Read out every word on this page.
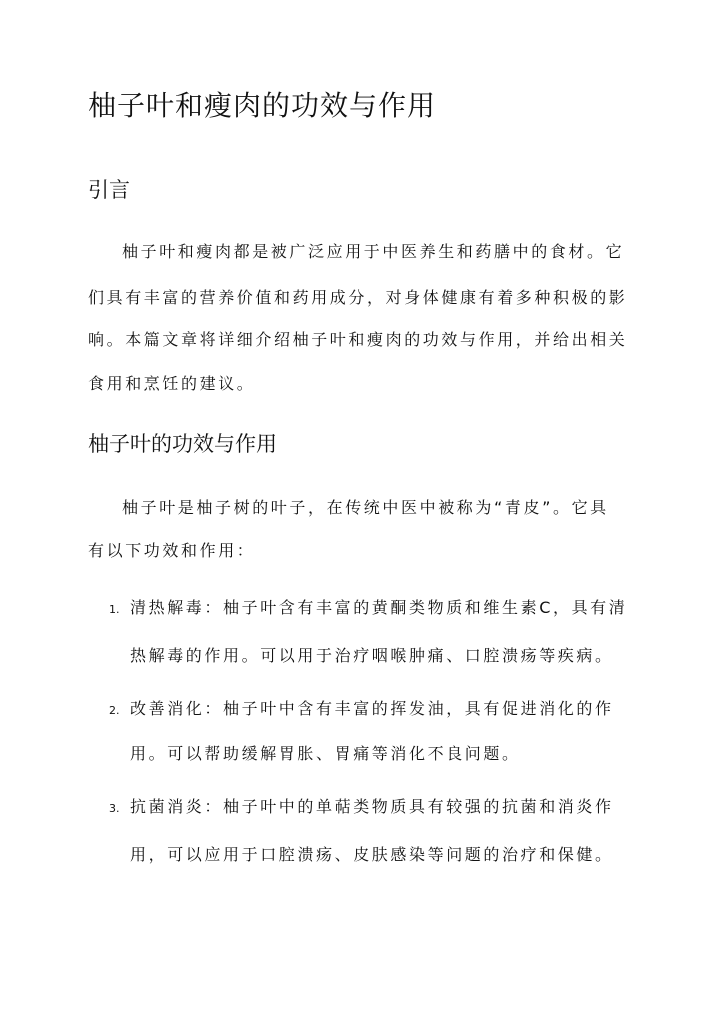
柚子叶和瘦肉的功效与作用
引言
柚子叶和瘦肉都是被广泛应用于中医养生和药膳中的食材。它
们具有丰富的营养价值和药用成分，对身体健康有着多种积极的影
响。本篇文章将详细介绍柚子叶和瘦肉的功效与作用，并给出相关
食用和烹饪的建议。
柚子叶的功效与作用
柚子叶是柚子树的叶子，在传统中医中被称为“青皮”。它具
有以下功效和作用：
1. 清热解毒：柚子叶含有丰富的黄酮类物质和维生素C，具有清
热解毒的作用。可以用于治疗咽喉肿痛、口腔溃疡等疾病。
2. 改善消化：柚子叶中含有丰富的挥发油，具有促进消化的作
用。可以帮助缓解胃胀、胃痛等消化不良问题。
3. 抗菌消炎：柚子叶中的单萜类物质具有较强的抗菌和消炎作
用，可以应用于口腔溃疡、皮肤感染等问题的治疗和保健。
